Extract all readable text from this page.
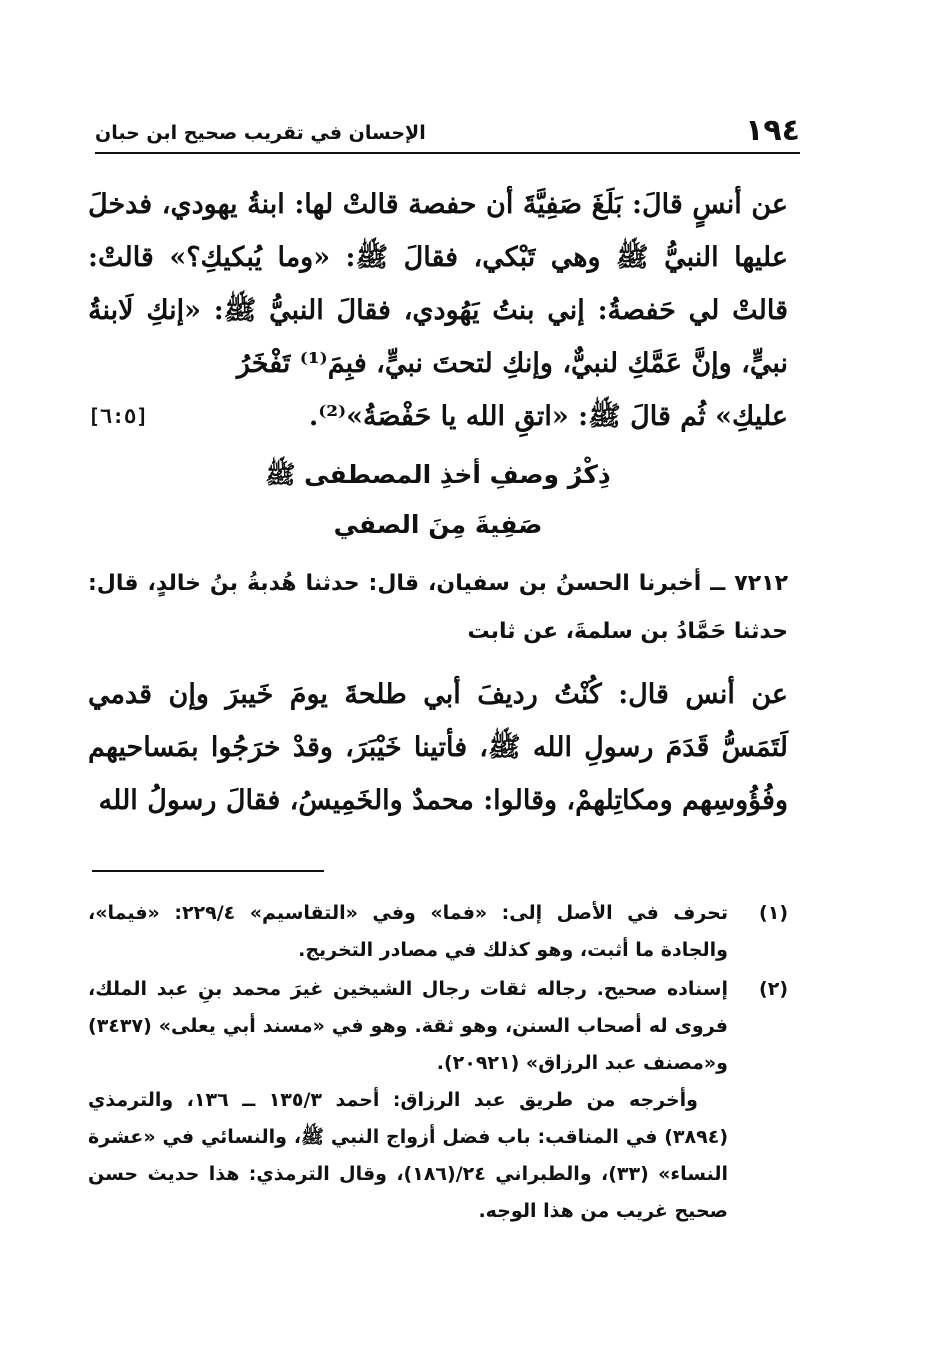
١٩٤
الإحسان في تقريب صحيح ابن حبان
عن أنسٍ قالَ: بَلَغَ صَفِيَّةَ أن حفصة قالتْ لها: ابنةُ يهودي، فدخلَ عليها النبيُّ ﷺ وهي تَبْكي، فقالَ ﷺ: «وما يُبكيكِ؟» قالتْ: قالتْ لي حَفصةُ: إني بنتُ يَهُودي، فقالَ النبيُّ ﷺ: «إنكِ لَابنةُ نبيٍّ، وإنَّ عَمَّكِ لنبيٌّ، وإنكِ لتحتَ نبيٍّ، فبِمَ⁽¹⁾ تَفْخَرُ
عليكِ» ثُم قالَ ﷺ: «اتقِ الله يا حَفْصَةُ»⁽²⁾.
[٦:٥]
ذِكْرُ وصفِ أخذِ المصطفى ﷺ
صَفِيةَ مِنَ الصفي
٧٢١٢ ــ أخبرنا الحسنُ بن سفيان، قال: حدثنا هُدبةُ بنُ خالدٍ، قال: حدثنا حَمَّادُ بن سلمةَ، عن ثابت
عن أنس قال: كُنْتُ رديفَ أبي طلحةَ يومَ خَيبرَ وإن قدمي لَتَمَسُّ قَدَمَ رسولِ الله ﷺ، فأتينا خَيْبَرَ، وقدْ خرَجُوا بمَساحيهم وفُؤُوسِهم ومكاتِلهمْ، وقالوا: محمدٌ والخَمِيسُ، فقالَ رسولُ الله
(١)
تحرف في الأصل إلى: «فما» وفي «التقاسيم» ٢٢٩/٤: «فيما»، والجادة ما أثبت، وهو كذلك في مصادر التخريج.
(٢)
إسناده صحيح. رجاله ثقات رجال الشيخين غيرَ محمد بنِ عبد الملك، فروى له أصحاب السنن، وهو ثقة. وهو في «مسند أبي يعلى» (٣٤٣٧) و«مصنف عبد الرزاق» (٢٠٩٢١).
وأخرجه من طريق عبد الرزاق: أحمد ١٣٥/٣ ــ ١٣٦، والترمذي (٣٨٩٤) في المناقب: باب فضل أزواج النبي ﷺ، والنسائي في «عشرة النساء» (٣٣)، والطبراني ٢٤/(١٨٦)، وقال الترمذي: هذا حديث حسن صحيح غريب من هذا الوجه.
